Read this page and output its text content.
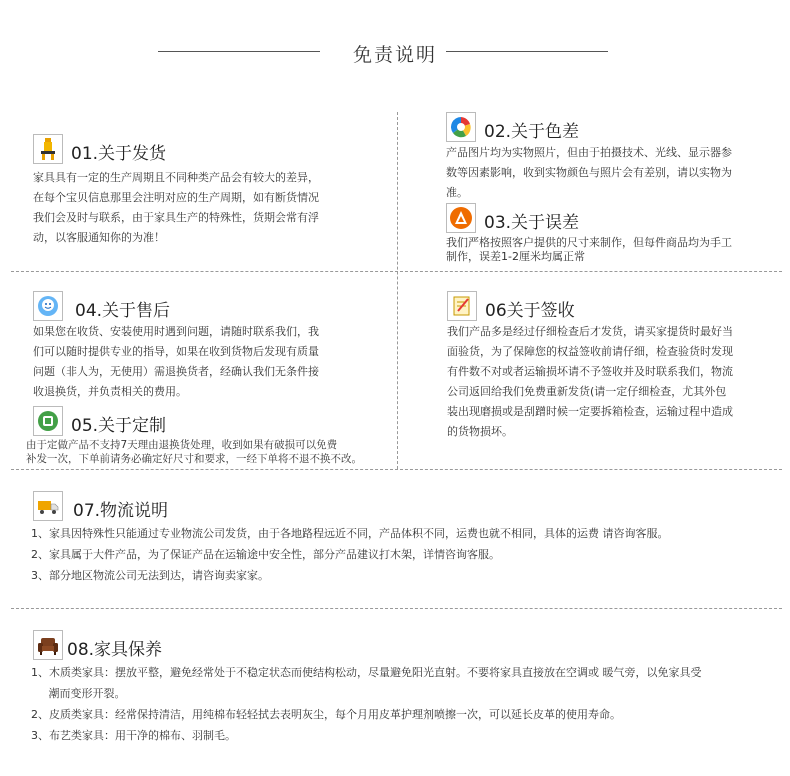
免责说明
01.关于发货
家具具有一定的生产周期且不同种类产品会有较大的差异，
在每个宝贝信息那里会注明对应的生产周期，如有断货情况
我们会及时与联系，由于家具生产的特殊性，货期会常有浮
动，以客服通知你的为准！
02.关于色差
产品图片均为实物照片，但由于拍摄技术、光线、显示器参
数等因素影响，收到实物颜色与照片会有差别，请以实物为
准。
03.关于误差
我们严格按照客户提供的尺寸来制作，但每件商品均为手工
制作，误差1-2厘米均属正常
04.关于售后
如果您在收货、安装使用时遇到问题，请随时联系我们，我
们可以随时提供专业的指导，如果在收到货物后发现有质量
问题（非人为，无使用）需退换货者，经确认我们无条件接
收退换货，并负责相关的费用。
05.关于定制
由于定做产品不支持7天理由退换货处理，收到如果有破损可以免费
补发一次，下单前请务必确定好尺寸和要求，一经下单将不退不换不改。
06关于签收
我们产品多是经过仔细检查后才发货，请买家提货时最好当
面验货，为了保障您的权益签收前请仔细，检查验货时发现
有件数不对或者运输损坏请不予签收并及时联系我们，物流
公司返回给我们免费重新发货(请一定仔细检查，尤其外包
装出现磨损或是刮蹭时候一定要拆箱检查，运输过程中造成
的货物损坏。
07.物流说明
1、家具因特殊性只能通过专业物流公司发货，由于各地路程远近不同，产品体积不同，运费也就不相同，具体的运费 请咨询客服。
2、家具属于大件产品，为了保证产品在运输途中安全性，部分产品建议打木架，详情咨询客服。
3、部分地区物流公司无法到达，请咨询卖家家。
08.家具保养
1、木质类家具：摆放平整，避免经常处于不稳定状态而使结构松动，尽量避免阳光直射。不要将家具直接放在空调或 暖气旁，以免家具受
潮而变形开裂。
2、皮质类家具：经常保持清洁，用纯棉布轻轻拭去表明灰尘，每个月用皮革护理剂喷擦一次，可以延长皮革的使用寿命。
3、布艺类家具：用干净的棉布、羽制毛。
